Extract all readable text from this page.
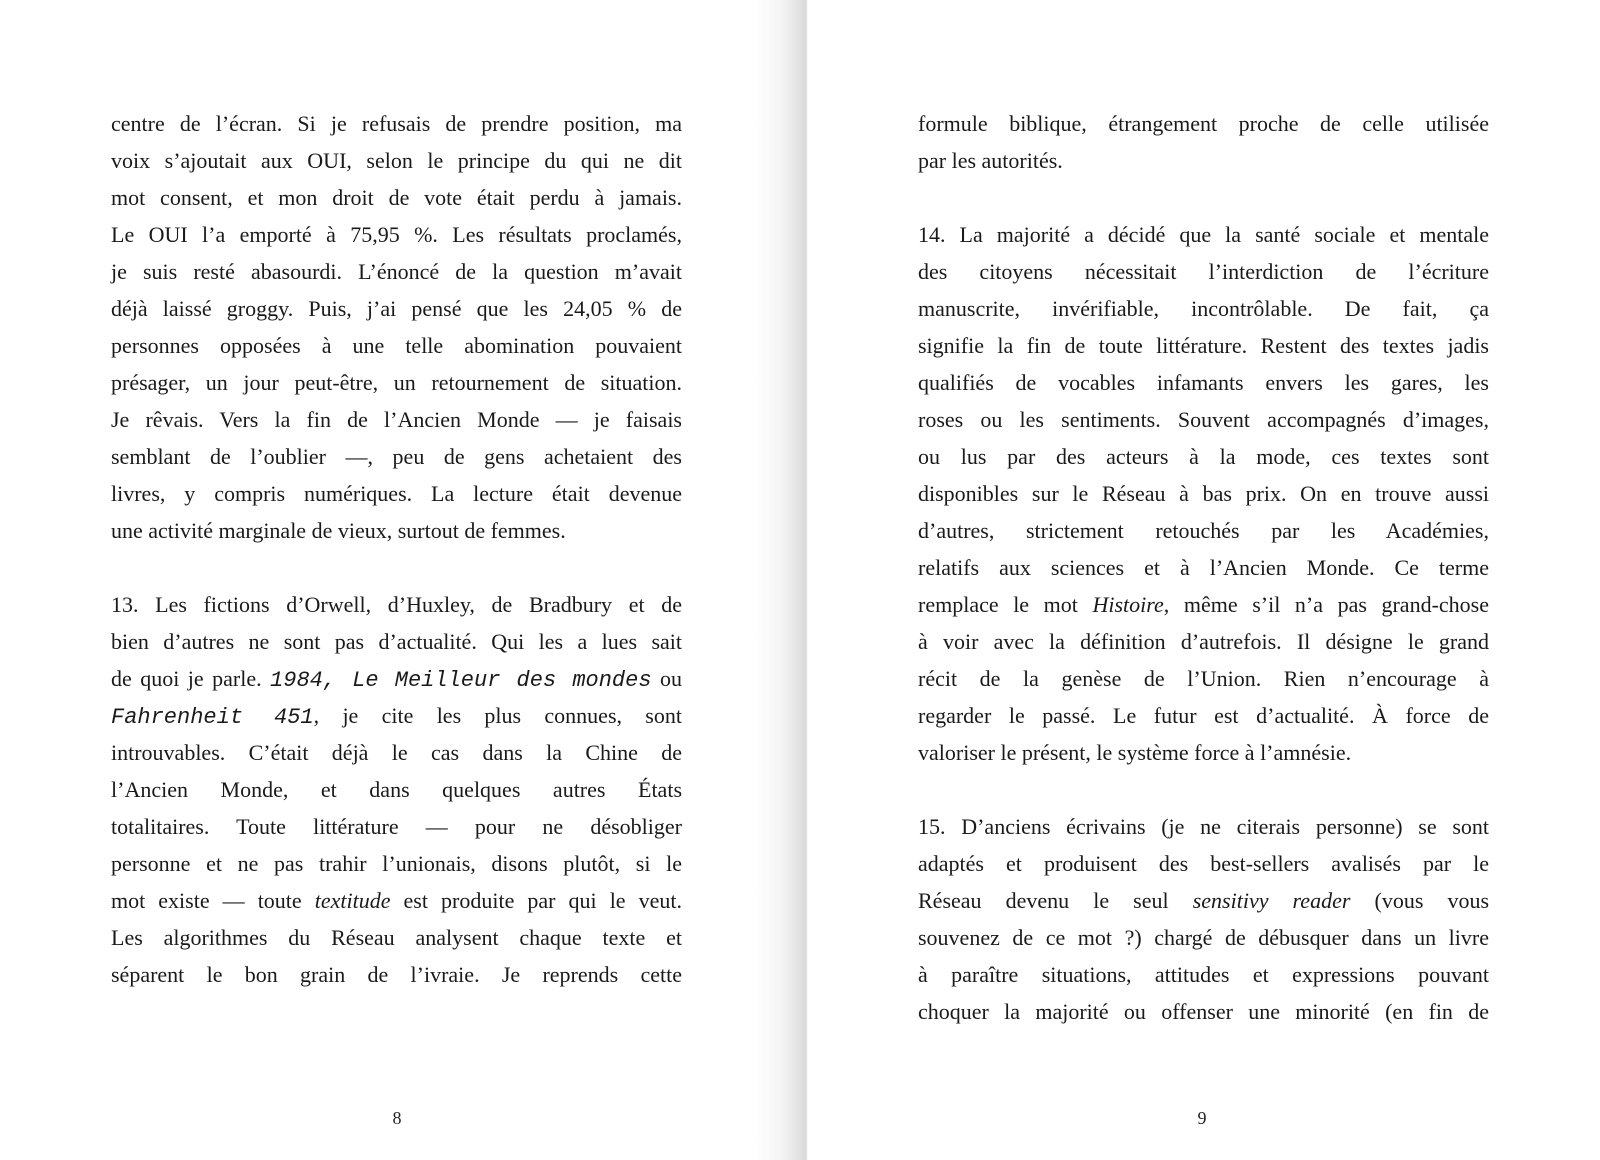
centre de l’écran. Si je refusais de prendre position, ma
voix s’ajoutait aux OUI, selon le principe du qui ne dit
mot consent, et mon droit de vote était perdu à jamais.
Le OUI l’a emporté à 75,95 %. Les résultats proclamés,
je suis resté abasourdi. L’énoncé de la question m’avait
déjà laissé groggy. Puis, j’ai pensé que les 24,05 % de
personnes opposées à une telle abomination pouvaient
présager, un jour peut-être, un retournement de situation.
Je rêvais. Vers la fin de l’Ancien Monde — je faisais
semblant de l’oublier —, peu de gens achetaient des
livres, y compris numériques. La lecture était devenue
une activité marginale de vieux, surtout de femmes.
13. Les fictions d’Orwell, d’Huxley, de Bradbury et de
bien d’autres ne sont pas d’actualité. Qui les a lues sait
de quoi je parle. 1984, Le Meilleur des mondes ou
Fahrenheit 451, je cite les plus connues, sont
introuvables. C’était déjà le cas dans la Chine de
l’Ancien Monde, et dans quelques autres États
totalitaires. Toute littérature — pour ne désobliger
personne et ne pas trahir l’unionais, disons plutôt, si le
mot existe — toute textitude est produite par qui le veut.
Les algorithmes du Réseau analysent chaque texte et
séparent le bon grain de l’ivraie. Je reprends cette
8
formule biblique, étrangement proche de celle utilisée
par les autorités.
14. La majorité a décidé que la santé sociale et mentale
des citoyens nécessitait l’interdiction de l’écriture
manuscrite, invérifiable, incontrôlable. De fait, ça
signifie la fin de toute littérature. Restent des textes jadis
qualifiés de vocables infamants envers les gares, les
roses ou les sentiments. Souvent accompagnés d’images,
ou lus par des acteurs à la mode, ces textes sont
disponibles sur le Réseau à bas prix. On en trouve aussi
d’autres, strictement retouchés par les Académies,
relatifs aux sciences et à l’Ancien Monde. Ce terme
remplace le mot Histoire, même s’il n’a pas grand-chose
à voir avec la définition d’autrefois. Il désigne le grand
récit de la genèse de l’Union. Rien n’encourage à
regarder le passé. Le futur est d’actualité. À force de
valoriser le présent, le système force à l’amnésie.
15. D’anciens écrivains (je ne citerais personne) se sont
adaptés et produisent des best-sellers avalisés par le
Réseau devenu le seul sensitivy reader (vous vous
souvenez de ce mot ?) chargé de débusquer dans un livre
à paraître situations, attitudes et expressions pouvant
choquer la majorité ou offenser une minorité (en fin de
9
